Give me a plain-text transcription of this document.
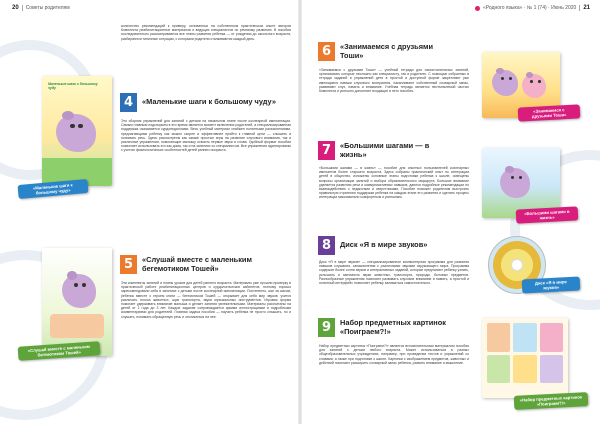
20 Советы родителям
количество рекомендаций к примеру, основанных на собственном практическом опыте авторов Комплекта реабилитационных материалов и ведущих специалистов по речевому развитию. В пособии последовательно рассматриваются все этапы развития ребенка — от рождения до школьного возраста, разбираются типичные ситуации, с которыми родители сталкиваются каждый день.
Маленькие шаги к большому чуду
«Маленькие шаги к большому чуду»
4	«Маленькие шаги к большому чуду»
Это сборник упражнений для занятий с детьми на начальном этапе после кохлеарной имплантации. Самым главным подспорьем в это время является момент включения родителей, а специализированная поддержка оказывается сурдопедагогами. Весь учебный материал снабжен понятными разъяснениями, предлагающими ребенку как можно скорее и эффективнее прийти к главной цели — слышать и понимать речь. Здесь рассмотрены как самые простые игры на развитие слухового внимания, так и различные упражнения, помогающие малышу освоить первые звуки и слова. Удобный формат пособия позволяет использовать его как дома, так и на занятиях со специалистом. Все упражнения адаптированы с учетом физиологических особенностей детей раннего возраста.
«Слушай вместе с маленьким бегемотиком Тошей»
5	«Слушай вместе с маленьким бегемотиком Тошей»
Эти комплекты занятий и планы уроков для детей раннего возраста. Материалы уже прошли проверку в практической работе реабилитационных центров и сурдологических кабинетов, поэтому хорошо зарекомендовали себя в занятиях с детьми после кохлеарной имплантации. Постепенно, шаг за шагом, ребенок вместе с героем книги — бегемотиком Тошей — открывает для себя мир звуков: учится различать голоса животных, шум транспорта, звуки музыкальных инструментов. Игровая форма помогает удерживать внимание малыша и делает занятия увлекательными. Материалы рассчитаны на детей от 1 года до 3 лет. Каждое задание сопровождается яркими иллюстрациями и подробными комментариями для родителей. Главная задача пособия — научить ребенка не просто слышать, но и слушать, понимать обращенную речь и откликаться на нее.
«Родного языка» · № 1 (74) · Июнь 2020 21
6	«Занимаемся с друзьями Тоши»
«Занимаемся с друзьями Тоши» — учебный тетради для самостоятельных занятий, организовать которые несложно как специалисту, так и родителю. С помощью собранных в тетради заданий и упражнений дети в простой и доступной форме закрепляют уже имеющиеся навыки слухового восприятия, накапливают собственный словарный запас, развивают слух, память и внимание. Учебная тетрадь является неотъемлемой частью Комплекта и успешно дополняет входящие в него пособия.
«Занимаемся с друзьями Тоши»
7	«Большими шагами — в жизнь»
«Большими шагами — в жизнь» — пособие для опытных пользователей кохлеарных имплантов более старшего возраста. Здесь собраны практический опыт по интеграции детей в общество, изложены основные этапы подготовки ребенка к школе, освещены вопросы организации занятий и выбора образовательного маршрута. Большое внимание уделяется развитию речи и коммуникативных навыков, даются подробные рекомендации по взаимодействию с педагогами и сверстниками. Пособие поможет родителям выстроить правильную стратегию поддержки ребенка на каждом этапе его развития и сделать процесс интеграции максимально комфортным и успешным.
«Большими шагами в жизнь»
8	Диск «Я в мире звуков»
Диск «Я в мире звуков» — специализированное компьютерная программа для развития навыков слушания, ознакомления с различными звуками окружающего мира. Программа содержит более сотни звуков и интерактивных заданий, которые предлагают ребенку узнать, услышать и запомнить звуки животных, транспорта, природы, бытовых предметов. Разнообразные упражнения помогают развивать слуховое внимание и память, а простой и понятный интерфейс позволяет ребенку заниматься самостоятельно.	Диск «Я в мире звуков»
9	Набор предметных картинок «Поиграем?!»
Набор предметных картинок «Поиграем?!» является вспомогательным материалом пособия для занятий с детьми любого возраста. Может использоваться в разных общеобразовательных учреждениях, например, при проведении тестов и упражнений со словами, а также при подготовке к школе. Картинки с изображением предметов, животных и действий помогают расширить словарный запас ребенка, развить внимание и мышление.
«Набор предметных картинок «Поиграем?!»
